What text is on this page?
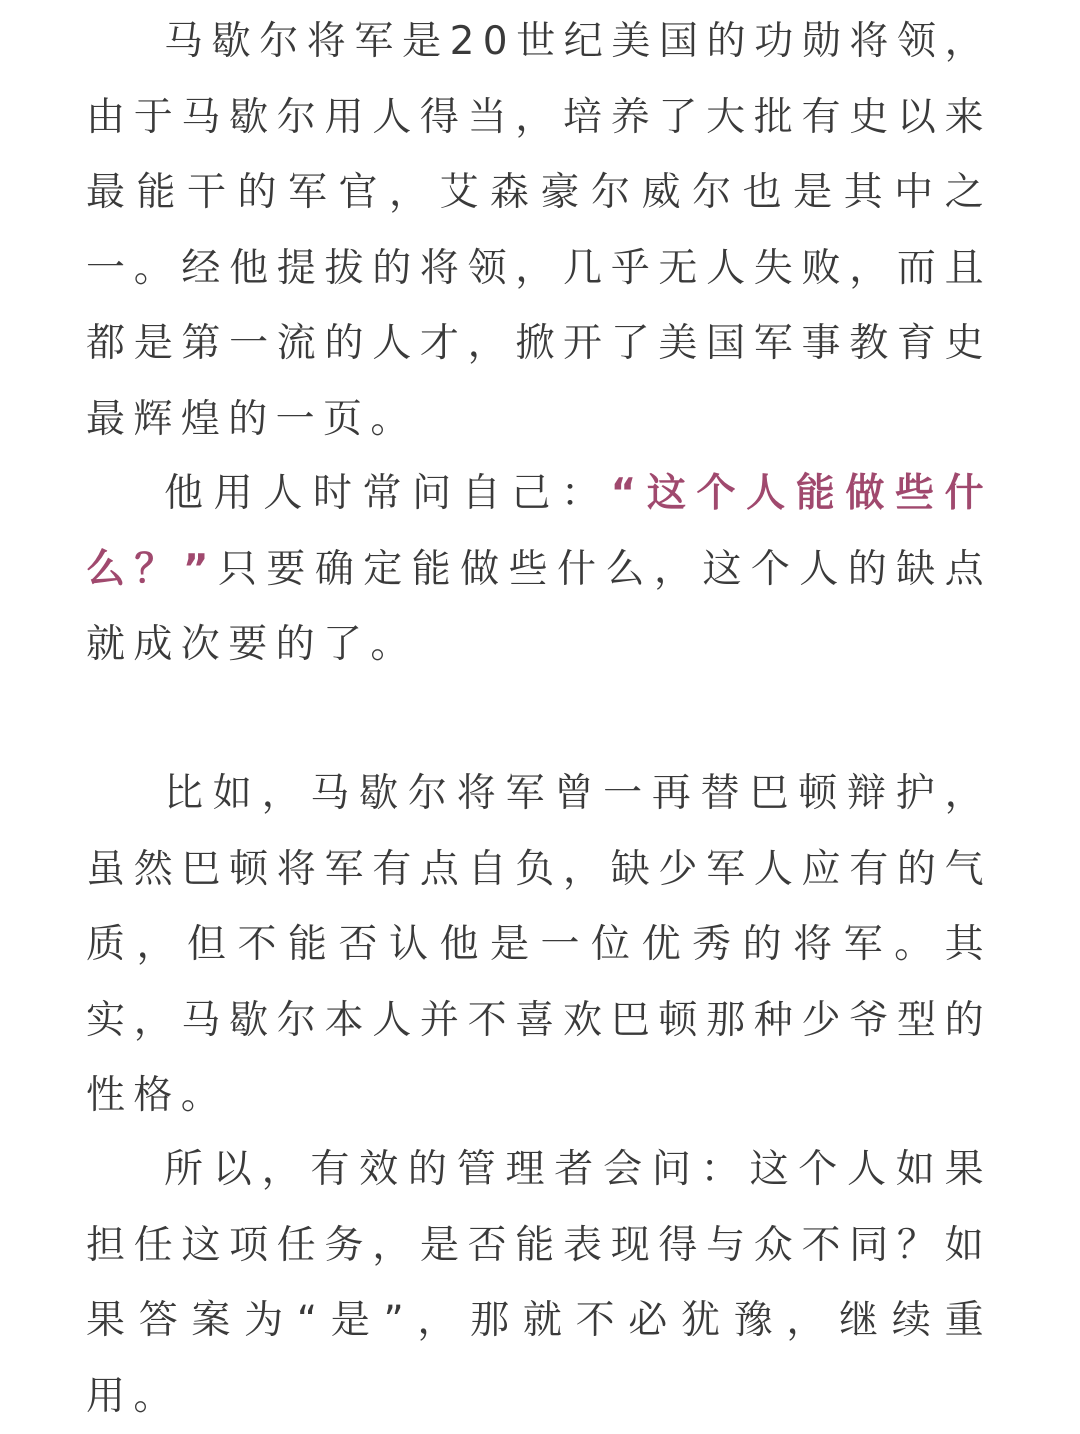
马歇尔将军是20世纪美国的功勋将领，由于马歇尔用人得当，培养了大批有史以来最能干的军官，艾森豪尔威尔也是其中之一。经他提拔的将领，几乎无人失败，而且都是第一流的人才，掀开了美国军事教育史最辉煌的一页。

他用人时常问自己：“这个人能做些什么？”只要确定能做些什么，这个人的缺点就成次要的了。

比如，马歇尔将军曾一再替巴顿辩护，虽然巴顿将军有点自负，缺少军人应有的气质，但不能否认他是一位优秀的将军。其实，马歇尔本人并不喜欢巴顿那种少爷型的性格。

所以，有效的管理者会问：这个人如果担任这项任务，是否能表现得与众不同？如果答案为“是”，那就不必犹豫，继续重用。
